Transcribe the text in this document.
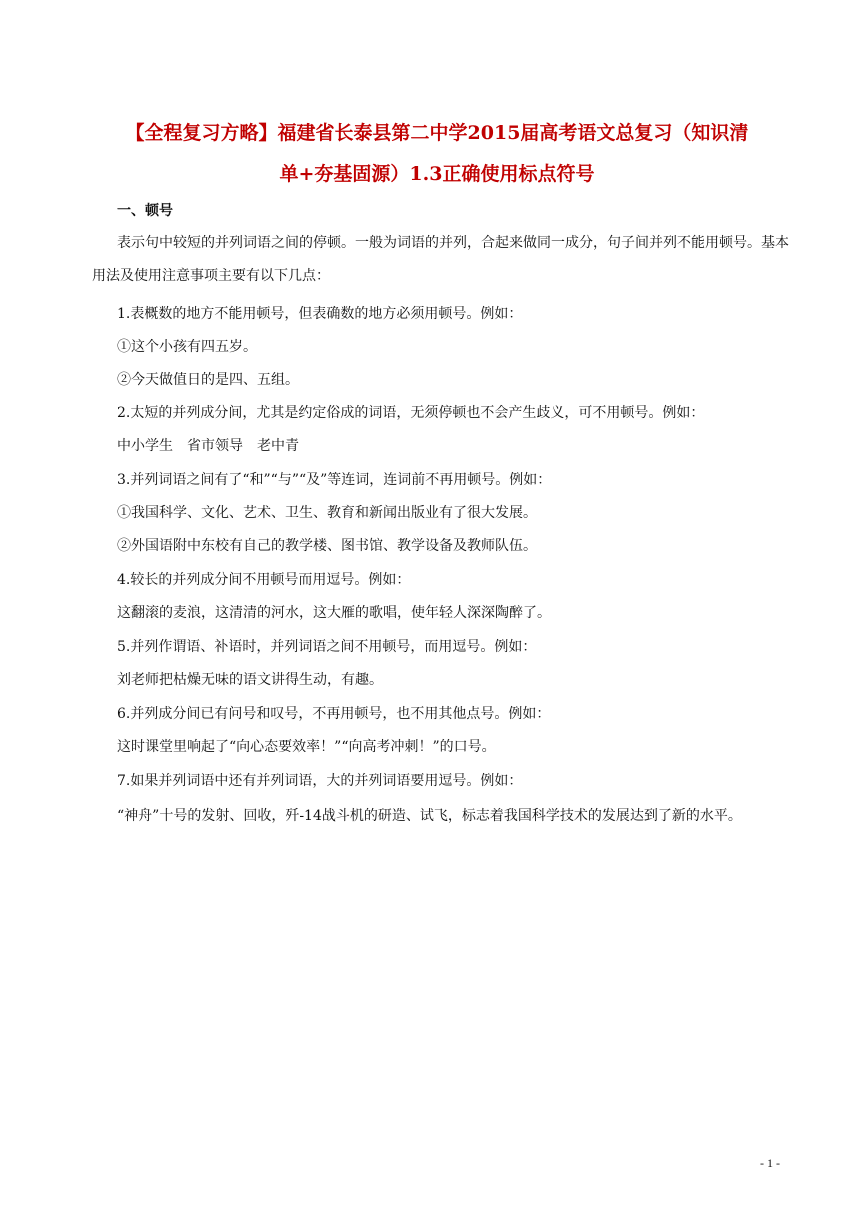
【全程复习方略】福建省长泰县第二中学2015届高考语文总复习（知识清
单+夯基固源）1.3正确使用标点符号
一、顿号
表示句中较短的并列词语之间的停顿。一般为词语的并列，合起来做同一成分，句子间并列不能用顿号。基本用法及使用注意事项主要有以下几点：
1.表概数的地方不能用顿号，但表确数的地方必须用顿号。例如：
①这个小孩有四五岁。
②今天做值日的是四、五组。
2.太短的并列成分间，尤其是约定俗成的词语，无须停顿也不会产生歧义，可不用顿号。例如：
中小学生　省市领导　老中青
3.并列词语之间有了“和”“与”“及”等连词，连词前不再用顿号。例如：
①我国科学、文化、艺术、卫生、教育和新闻出版业有了很大发展。
②外国语附中东校有自己的教学楼、图书馆、教学设备及教师队伍。
4.较长的并列成分间不用顿号而用逗号。例如：
这翻滚的麦浪，这清清的河水，这大雁的歌唱，使年轻人深深陶醉了。
5.并列作谓语、补语时，并列词语之间不用顿号，而用逗号。例如：
刘老师把枯燥无味的语文讲得生动，有趣。
6.并列成分间已有问号和叹号，不再用顿号，也不用其他点号。例如：
这时课堂里响起了“向心态要效率！”“向高考冲刺！”的口号。
7.如果并列词语中还有并列词语，大的并列词语要用逗号。例如：
“神舟”十号的发射、回收，歼-14战斗机的研造、试飞，标志着我国科学技术的发展达到了新的水平。
- 1 -
